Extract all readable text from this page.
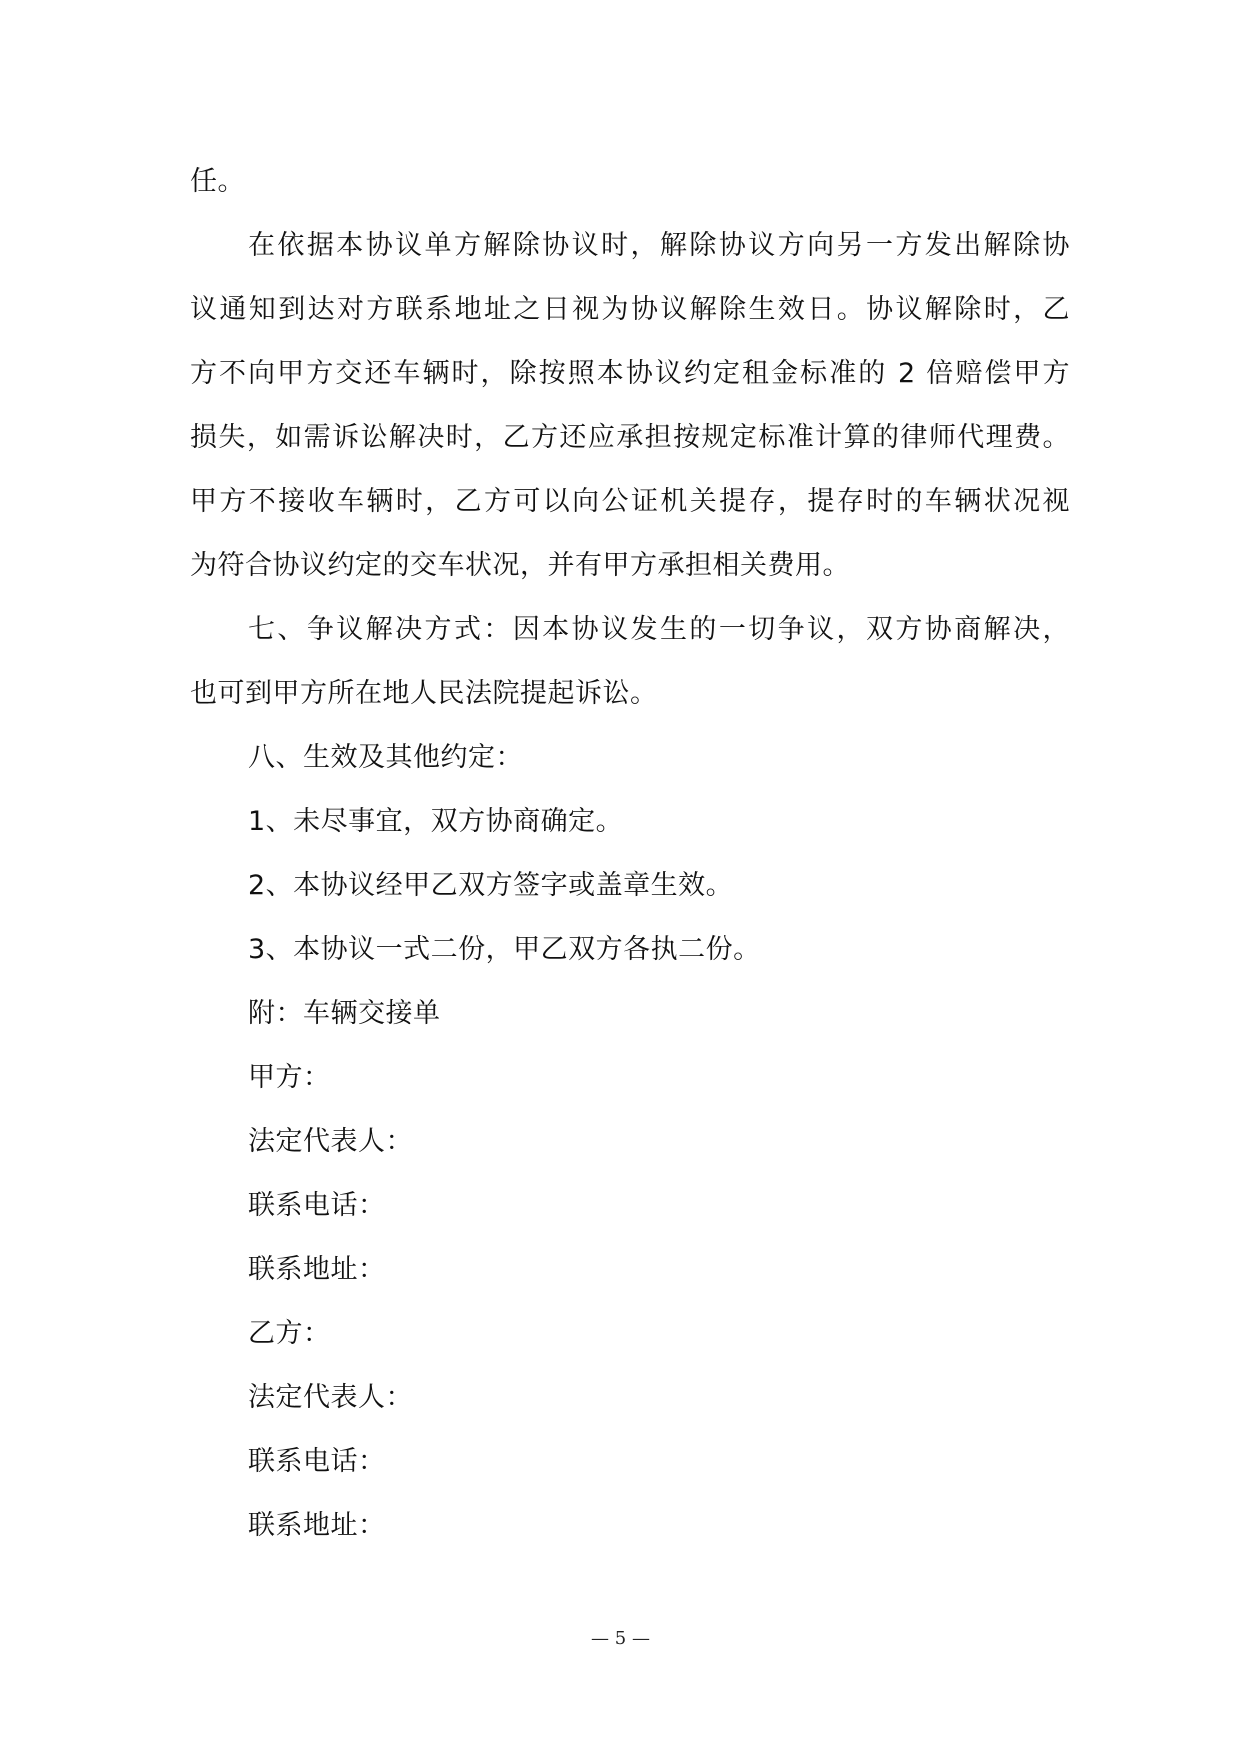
任。
在依据本协议单方解除协议时，解除协议方向另一方发出解除协
议通知到达对方联系地址之日视为协议解除生效日。协议解除时，乙
方不向甲方交还车辆时，除按照本协议约定租金标准的 2 倍赔偿甲方
损失，如需诉讼解决时，乙方还应承担按规定标准计算的律师代理费。
甲方不接收车辆时，乙方可以向公证机关提存，提存时的车辆状况视
为符合协议约定的交车状况，并有甲方承担相关费用。
七、争议解决方式：因本协议发生的一切争议，双方协商解决，
也可到甲方所在地人民法院提起诉讼。
八、生效及其他约定：
1、未尽事宜，双方协商确定。
2、本协议经甲乙双方签字或盖章生效。
3、本协议一式二份，甲乙双方各执二份。
附：车辆交接单
甲方：
法定代表人：
联系电话：
联系地址：
乙方：
法定代表人：
联系电话：
联系地址：
— 5 —
